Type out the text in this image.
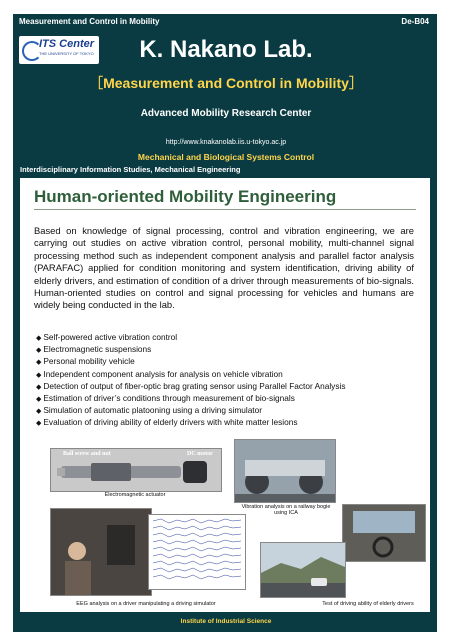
Measurement and Control in Mobility	De-B04
ITS Center
THE UNIVERSITY OF TOKYO	K. Nakano Lab.
［Measurement and Control in Mobility］
Advanced Mobility Research Center
http://www.knakanolab.iis.u-tokyo.ac.jp
Mechanical and Biological Systems Control
Interdisciplinary Information Studies, Mechanical Engineering
Human-oriented Mobility Engineering
Based on knowledge of signal processing, control and vibration engineering, we are carrying out studies on active vibration control, personal mobility, multi-channel signal processing method such as independent component analysis and parallel factor analysis (PARAFAC) applied for condition monitoring and system identification, driving ability of elderly drivers, and estimation of condition of a driver through measurements of bio-signals. Human-oriented studies on control and signal processing for vehicles and humans are widely being conducted in the lab.
◆ Self-powered active vibration control
◆ Electromagnetic suspensions
◆ Personal mobility vehicle
◆ Independent component analysis for analysis on vehicle vibration
◆ Detection of output of fiber-optic brag grating sensor using Parallel Factor Analysis
◆ Estimation of driver’s conditions through measurement of bio-signals
◆ Simulation of automatic platooning using a driving simulator
◆ Evaluation of driving ability of elderly drivers with white matter lesions
Ball screw and nut	DC motor
Electromagnetic actuator
Vibration analysis on a railway bogie using ICA
EEG analysis on a driver manipulating a driving simulator	Test of driving ability of elderly drivers
Institute of Industrial Science
